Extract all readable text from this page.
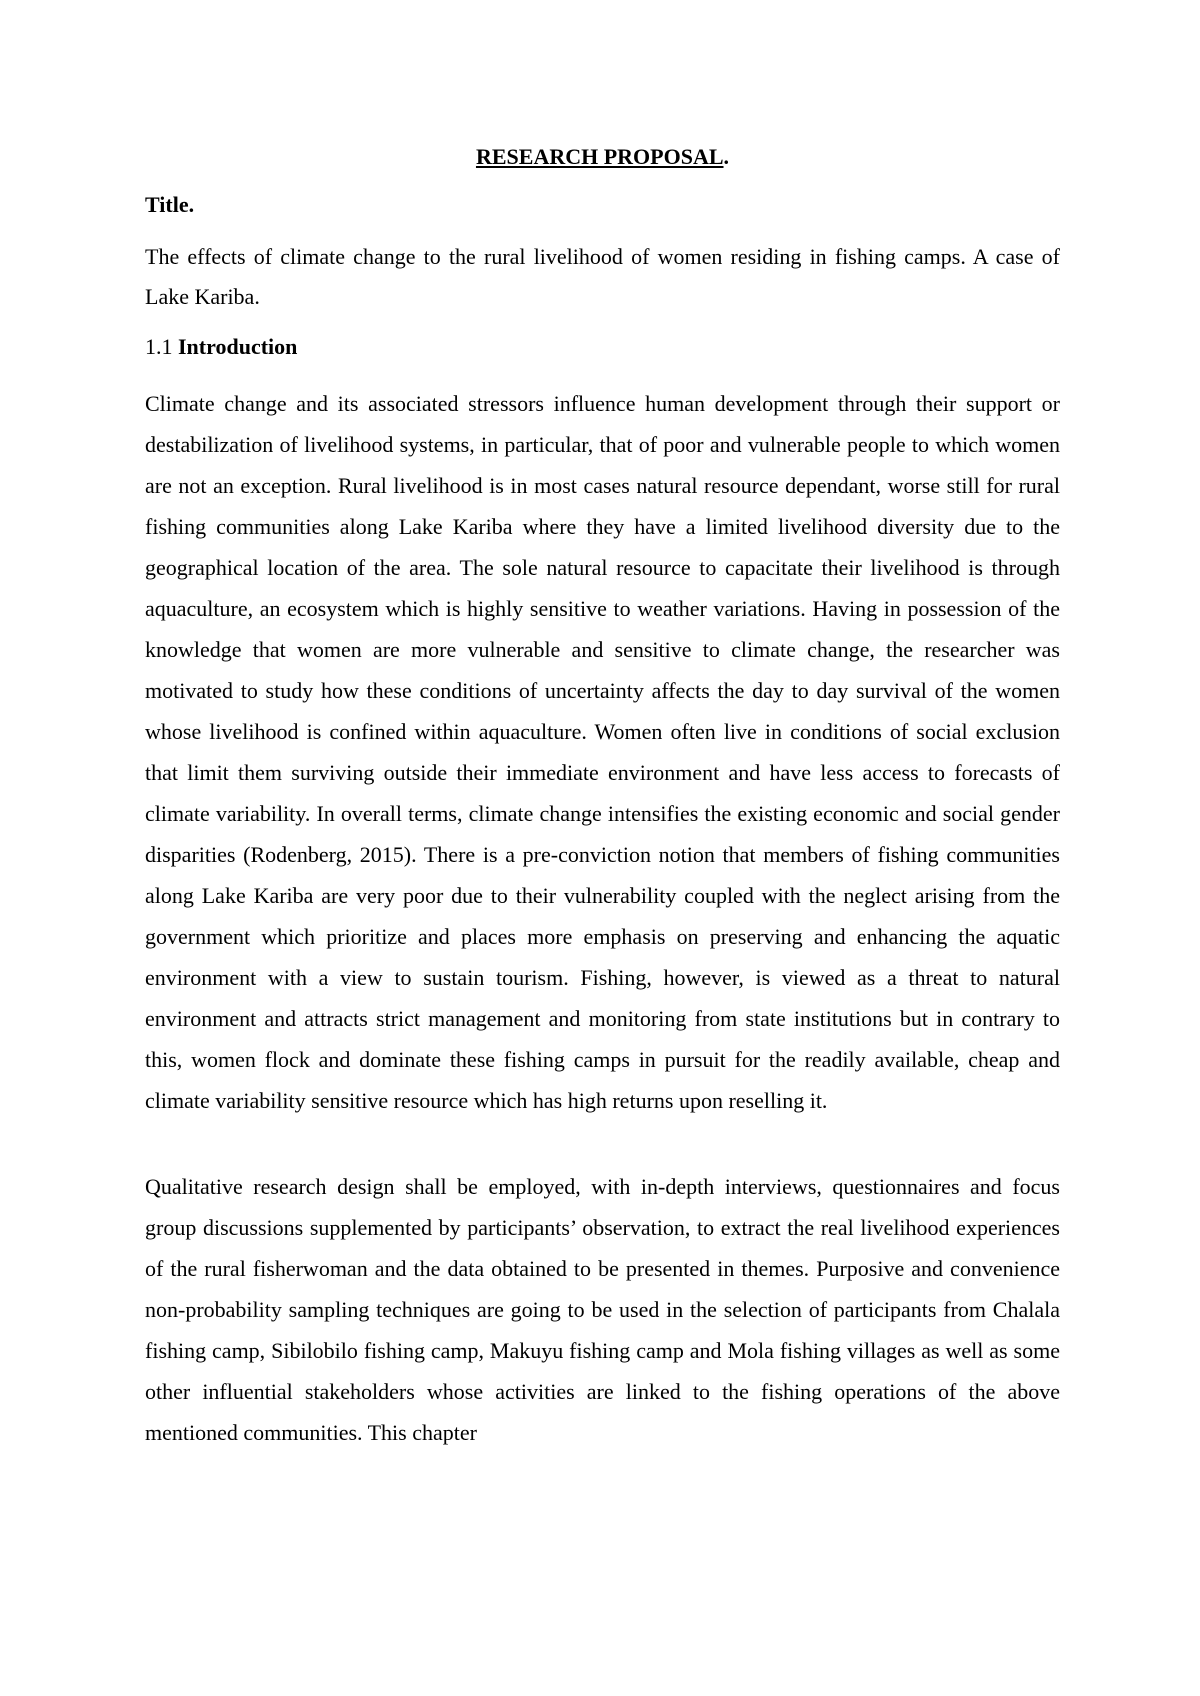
RESEARCH PROPOSAL.
Title.

The effects of climate change to the rural livelihood of women residing in fishing camps. A case of Lake Kariba.

1.1 Introduction

Climate change and its associated stressors influence human development through their support or destabilization of livelihood systems, in particular, that of poor and vulnerable people to which women are not an exception. Rural livelihood is in most cases natural resource dependant, worse still for rural fishing communities along Lake Kariba where they have a limited livelihood diversity due to the geographical location of the area. The sole natural resource to capacitate their livelihood is through aquaculture, an ecosystem which is highly sensitive to weather variations. Having in possession of the knowledge that women are more vulnerable and sensitive to climate change, the researcher was motivated to study how these conditions of uncertainty affects the day to day survival of the women whose livelihood is confined within aquaculture. Women often live in conditions of social exclusion that limit them surviving outside their immediate environment and have less access to forecasts of climate variability. In overall terms, climate change intensifies the existing economic and social gender disparities (Rodenberg, 2015). There is a pre-conviction notion that members of fishing communities along Lake Kariba are very poor due to their vulnerability coupled with the neglect arising from the government which prioritize and places more emphasis on preserving and enhancing the aquatic environment with a view to sustain tourism. Fishing, however, is viewed as a threat to natural environment and attracts strict management and monitoring from state institutions but in contrary to this, women flock and dominate these fishing camps in pursuit for the readily available, cheap and climate variability sensitive resource which has high returns upon reselling it.

Qualitative research design shall be employed, with in-depth interviews, questionnaires and focus group discussions supplemented by participants’ observation, to extract the real livelihood experiences of the rural fisherwoman and the data obtained to be presented in themes. Purposive and convenience non-probability sampling techniques are going to be used in the selection of participants from Chalala fishing camp, Sibilobilo fishing camp, Makuyu fishing camp and Mola fishing villages as well as some other influential stakeholders whose activities are linked to the fishing operations of the above mentioned communities. This chapter
